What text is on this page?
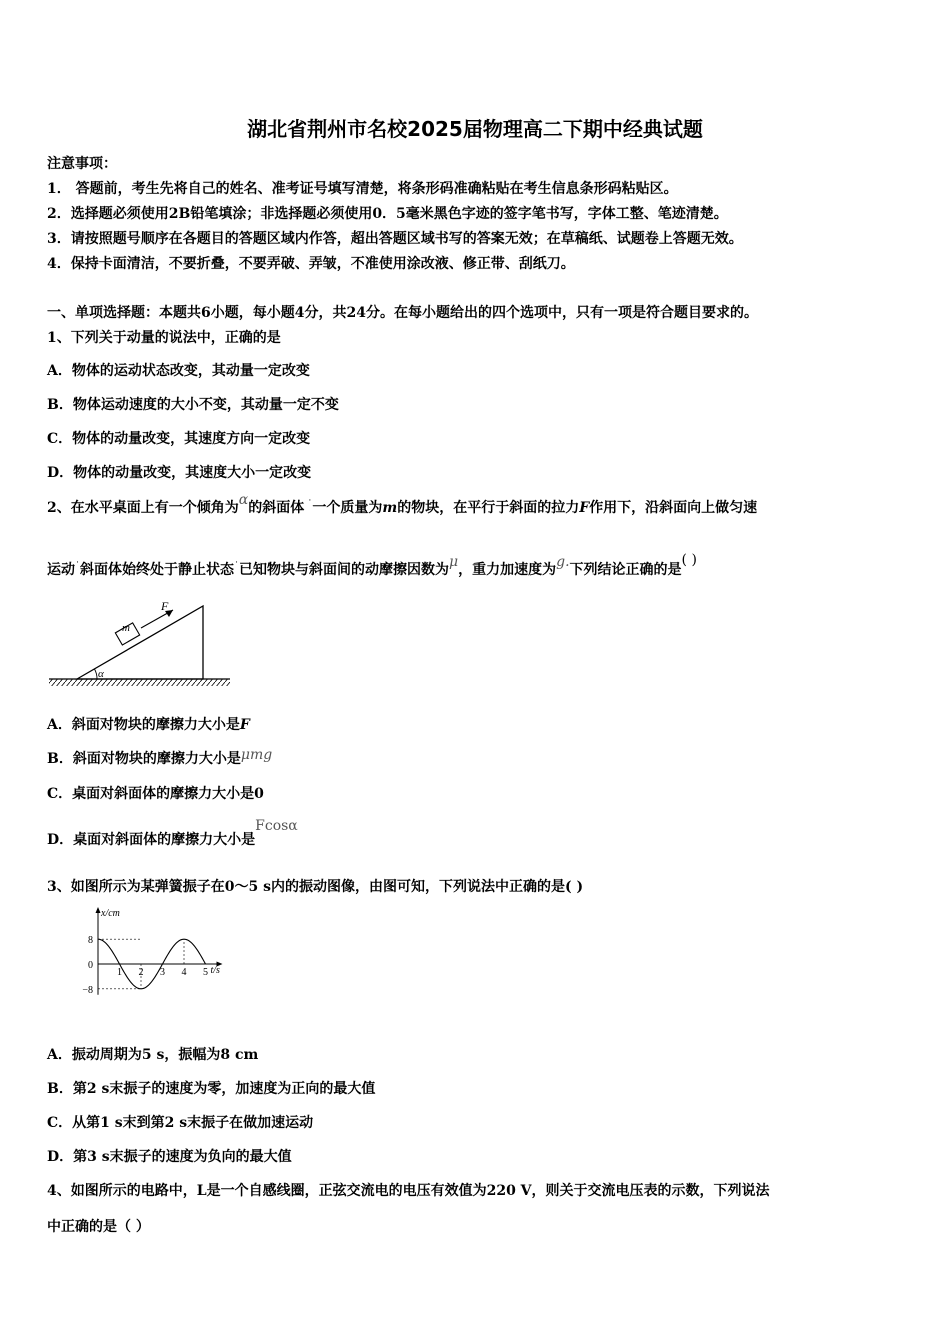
湖北省荆州市名校2025届物理高二下期中经典试题
注意事项：
1． 答题前，考生先将自己的姓名、准考证号填写清楚，将条形码准确粘贴在考生信息条形码粘贴区。
2．选择题必须使用2B铅笔填涂；非选择题必须使用0．5毫米黑色字迹的签字笔书写，字体工整、笔迹清楚。
3．请按照题号顺序在各题目的答题区域内作答，超出答题区域书写的答案无效；在草稿纸、试题卷上答题无效。
4．保持卡面清洁，不要折叠，不要弄破、弄皱，不准使用涂改液、修正带、刮纸刀。
一、单项选择题：本题共6小题，每小题4分，共24分。在每小题给出的四个选项中，只有一项是符合题目要求的。
1、下列关于动量的说法中，正确的是
A．物体的运动状态改变，其动量一定改变
B．物体运动速度的大小不变，其动量一定不变
C．物体的动量改变，其速度方向一定改变
D．物体的动量改变，其速度大小一定改变
2、在水平桌面上有一个倾角为α的斜面体 ˙一个质量为m的物块，在平行于斜面的拉力F作用下，沿斜面向上做匀速
运动˙斜面体始终处于静止状态˙已知物块与斜面间的动摩擦因数为μ，重力加速度为g.下列结论正确的是( )
F
m
α
A．斜面对物块的摩擦力大小是F
B．斜面对物块的摩擦力大小是μmg
C．桌面对斜面体的摩擦力大小是0
D．桌面对斜面体的摩擦力大小是Fcosα
3、如图所示为某弹簧振子在0～5 s内的振动图像，由图可知，下列说法中正确的是( )
x/cm
t/s
8
0
−8
1 2 3 4 5
A．振动周期为5 s，振幅为8 cm
B．第2 s末振子的速度为零，加速度为正向的最大值
C．从第1 s末到第2 s末振子在做加速运动
D．第3 s末振子的速度为负向的最大值
4、如图所示的电路中，L是一个自感线圈，正弦交流电的电压有效值为220 V，则关于交流电压表的示数，下列说法
中正确的是（ ）
